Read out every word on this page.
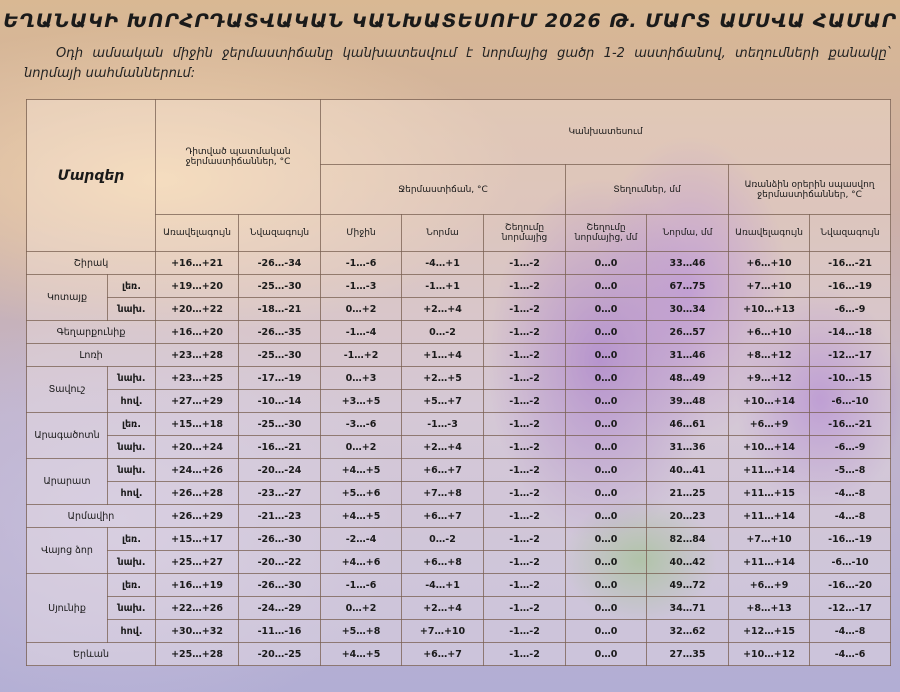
ԵՂԱՆԱԿԻ ԽՈՐՀՐԴԱՏՎԱԿԱՆ ԿԱՆԽԱՏԵՍՈՒՄ 2026 Թ. ՄԱՐՏ ԱՄՍՎԱ ՀԱՄԱՐ
Օդի ամսական միջին ջերմաստիճանը կանխատեսվում է նորմայից ցածր 1-2 աստիճանով, տեղումների քանակը՝ նորմայի սահմաններում:
Մարզեր		Դիտված պատմական ջերմաստիճաններ, °C		Կանխատեսում						
				Ջերմաստիճան, °C			Տեղումներ, մմ		Առանձին օրերին սպասվող ջերմաստիճաններ, °C	
		Առավելագույն	Նվազագույն	Միջին	Նորմա	Շեղումը նորմայից	Շեղումը նորմայից, մմ	Նորմա, մմ	Առավելագույն	Նվազագույն
Շիրակ		+16…+21	-26…-34	-1…-6	-4…+1	-1…-2	0…0	33…46	+6…+10	-16…-21
Կոտայք	լեռ.	+19…+20	-25…-30	-1…-3	-1…+1	-1…-2	0…0	67…75	+7…+10	-16…-19
	նախ.	+20…+22	-18…-21	0…+2	+2…+4	-1…-2	0…0	30…34	+10…+13	-6…-9
Գեղարքունիք		+16…+20	-26…-35	-1…-4	0…-2	-1…-2	0…0	26…57	+6…+10	-14…-18
Լոռի		+23…+28	-25…-30	-1…+2	+1…+4	-1…-2	0…0	31…46	+8…+12	-12…-17
Տավուշ	նախ.	+23…+25	-17…-19	0…+3	+2…+5	-1…-2	0…0	48…49	+9…+12	-10…-15
	հով.	+27…+29	-10…-14	+3…+5	+5…+7	-1…-2	0…0	39…48	+10…+14	-6…-10
Արագածոտն	լեռ.	+15…+18	-25…-30	-3…-6	-1…-3	-1…-2	0…0	46…61	+6…+9	-16…-21
	նախ.	+20…+24	-16…-21	0…+2	+2…+4	-1…-2	0…0	31…36	+10…+14	-6…-9
Արարատ	նախ.	+24…+26	-20…-24	+4…+5	+6…+7	-1…-2	0…0	40…41	+11…+14	-5…-8
	հով.	+26…+28	-23…-27	+5…+6	+7…+8	-1…-2	0…0	21…25	+11…+15	-4…-8
Արմավիր		+26…+29	-21…-23	+4…+5	+6…+7	-1…-2	0…0	20…23	+11…+14	-4…-8
Վայոց ձոր	լեռ.	+15…+17	-26…-30	-2…-4	0…-2	-1…-2	0…0	82…84	+7…+10	-16…-19
	նախ.	+25…+27	-20…-22	+4…+6	+6…+8	-1…-2	0…0	40…42	+11…+14	-6…-10
Սյունիք	լեռ.	+16…+19	-26…-30	-1…-6	-4…+1	-1…-2	0…0	49…72	+6…+9	-16…-20
	նախ.	+22…+26	-24…-29	0…+2	+2…+4	-1…-2	0…0	34…71	+8…+13	-12…-17
	հով.	+30…+32	-11…-16	+5…+8	+7…+10	-1…-2	0…0	32…62	+12…+15	-4…-8
Երևան		+25…+28	-20…-25	+4…+5	+6…+7	-1…-2	0…0	27…35	+10…+12	-4…-6
